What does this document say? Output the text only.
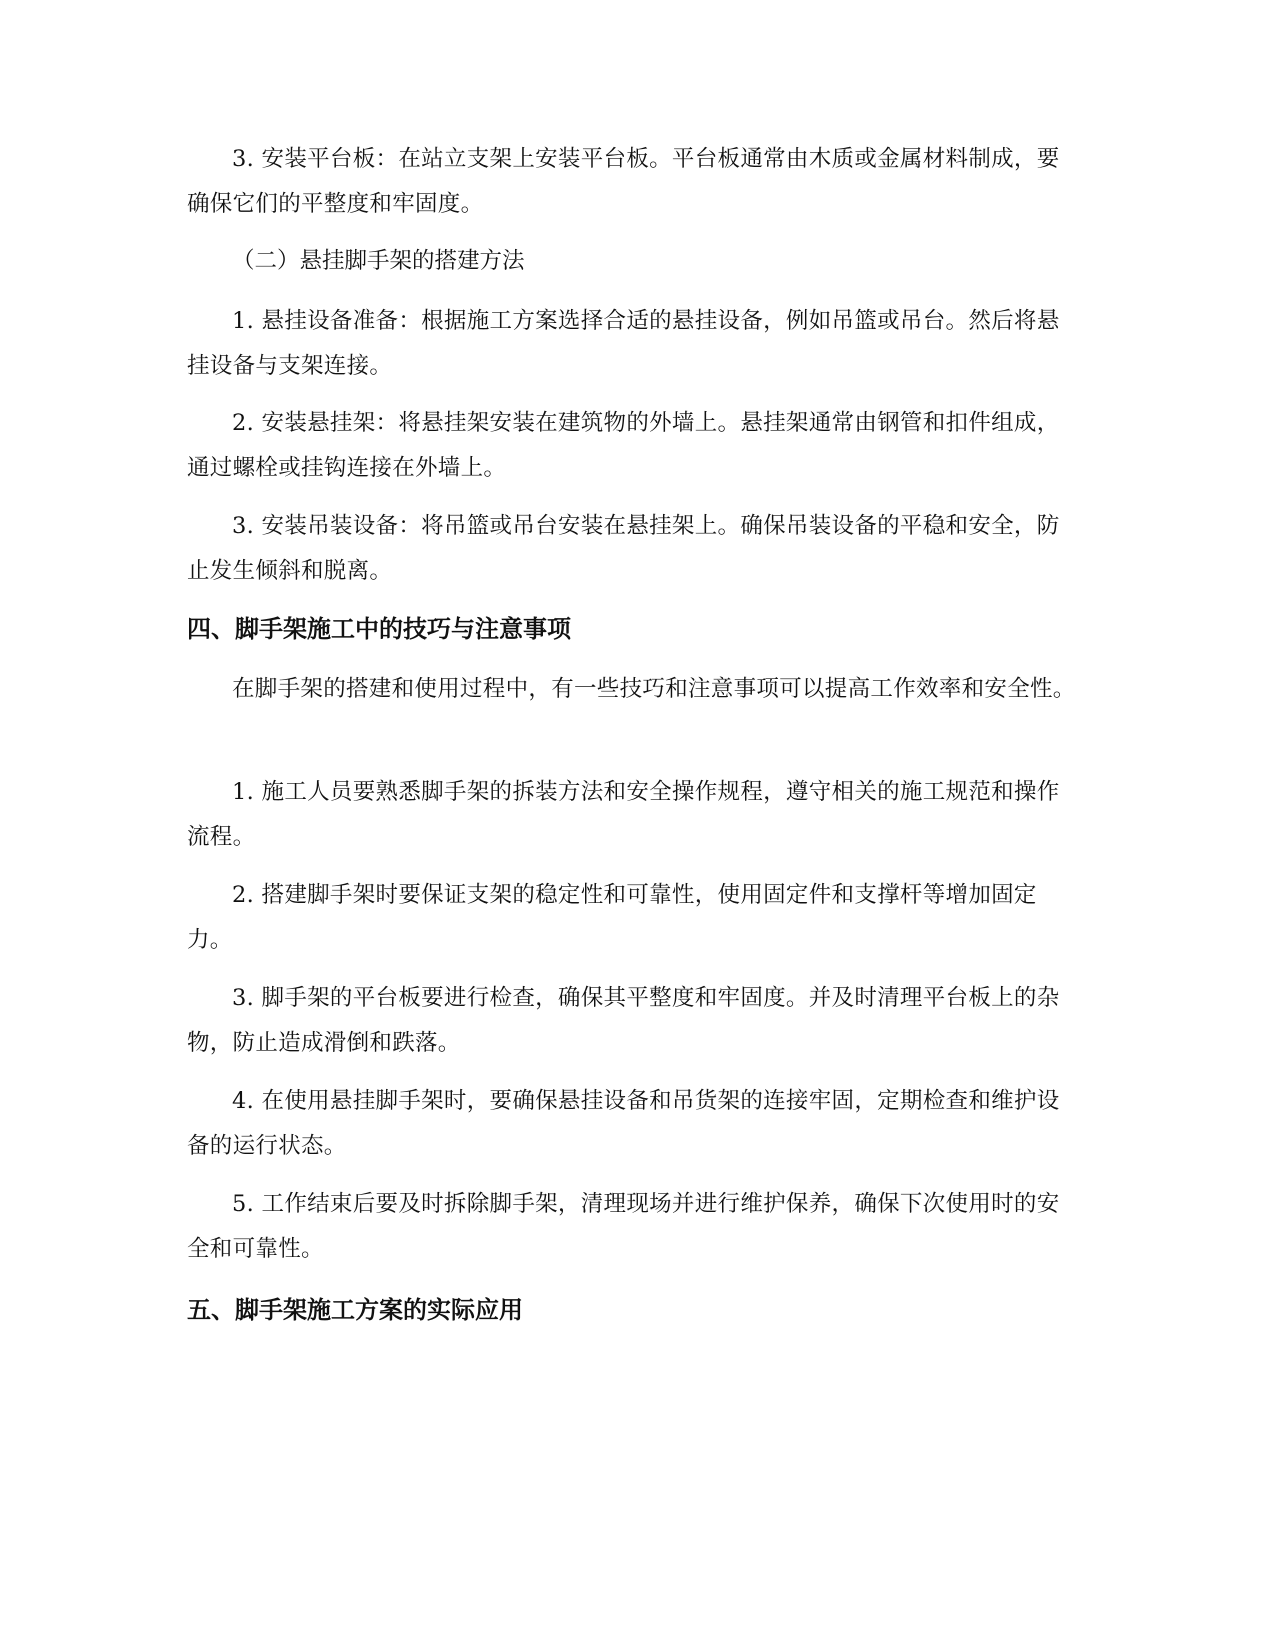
3. 安装平台板：在站立支架上安装平台板。平台板通常由木质或金属材料制成，要确保它们的平整度和牢固度。

（二）悬挂脚手架的搭建方法

1. 悬挂设备准备：根据施工方案选择合适的悬挂设备，例如吊篮或吊台。然后将悬挂设备与支架连接。

2. 安装悬挂架：将悬挂架安装在建筑物的外墙上。悬挂架通常由钢管和扣件组成，通过螺栓或挂钩连接在外墙上。

3. 安装吊装设备：将吊篮或吊台安装在悬挂架上。确保吊装设备的平稳和安全，防止发生倾斜和脱离。

四、脚手架施工中的技巧与注意事项

在脚手架的搭建和使用过程中，有一些技巧和注意事项可以提高工作效率和安全性。

1. 施工人员要熟悉脚手架的拆装方法和安全操作规程，遵守相关的施工规范和操作流程。

2. 搭建脚手架时要保证支架的稳定性和可靠性，使用固定件和支撑杆等增加固定力。

3. 脚手架的平台板要进行检查，确保其平整度和牢固度。并及时清理平台板上的杂物，防止造成滑倒和跌落。

4. 在使用悬挂脚手架时，要确保悬挂设备和吊货架的连接牢固，定期检查和维护设备的运行状态。

5. 工作结束后要及时拆除脚手架，清理现场并进行维护保养，确保下次使用时的安全和可靠性。

五、脚手架施工方案的实际应用
